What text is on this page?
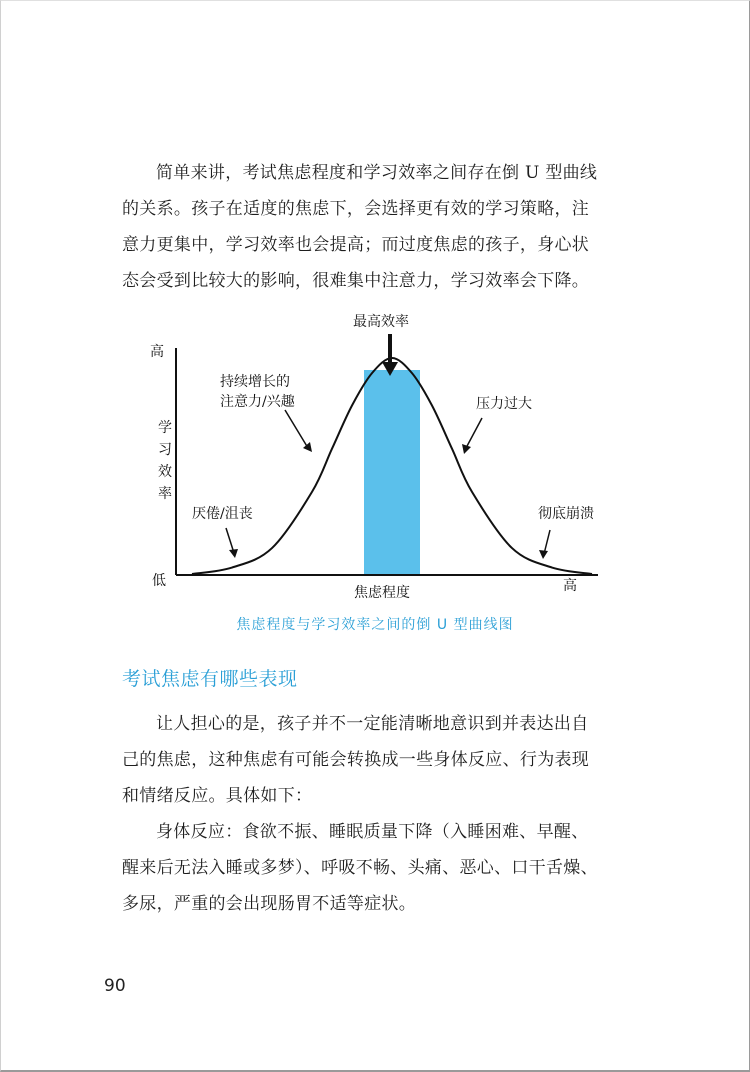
简单来讲，考试焦虑程度和学习效率之间存在倒 U 型曲线
的关系。孩子在适度的焦虑下，会选择更有效的学习策略，注
意力更集中，学习效率也会提高；而过度焦虑的孩子，身心状
态会受到比较大的影响，很难集中注意力，学习效率会下降。

高
低	高
焦虑程度
学习效率
最高效率
持续增长的注意力/兴趣	压力过大
厌倦/沮丧	彻底崩溃
焦虑程度与学习效率之间的倒 U 型曲线图
考试焦虑有哪些表现

让人担心的是，孩子并不一定能清晰地意识到并表达出自
己的焦虑，这种焦虑有可能会转换成一些身体反应、行为表现
和情绪反应。具体如下：

身体反应：食欲不振、睡眠质量下降（入睡困难、早醒、
醒来后无法入睡或多梦）、呼吸不畅、头痛、恶心、口干舌燥、
多尿，严重的会出现肠胃不适等症状。

90
